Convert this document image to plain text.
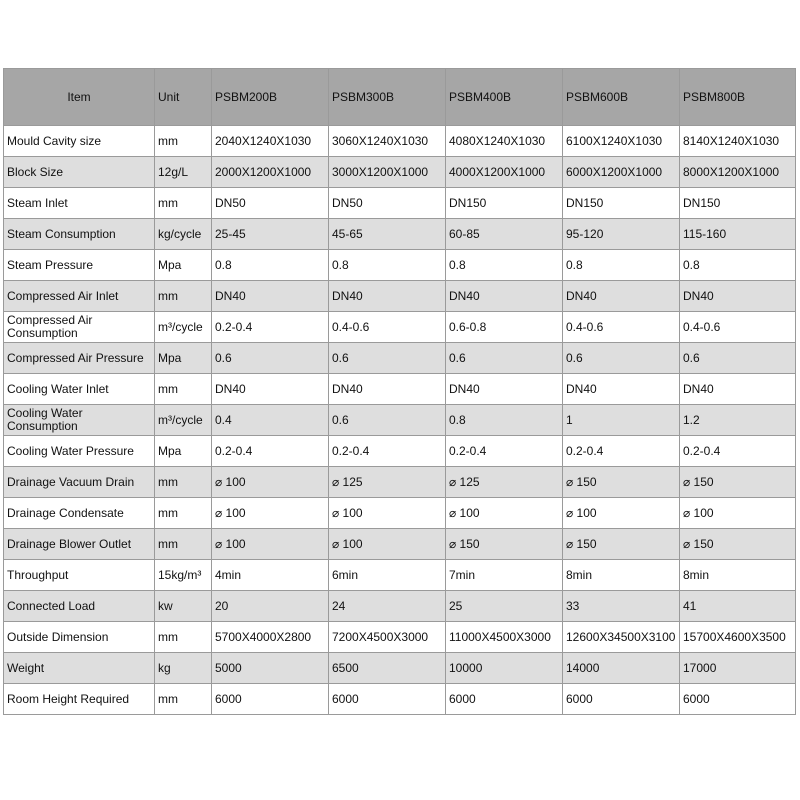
Item	Unit	PSBM200B	PSBM300B	PSBM400B	PSBM600B	PSBM800B
Mould Cavity size	mm	2040X1240X1030	3060X1240X1030	4080X1240X1030	6100X1240X1030	8140X1240X1030
Block Size	12g/L	2000X1200X1000	3000X1200X1000	4000X1200X1000	6000X1200X1000	8000X1200X1000
Steam Inlet	mm	DN50	DN50	DN150	DN150	DN150
Steam Consumption	kg/cycle	25-45	45-65	60-85	95-120	115-160
Steam Pressure	Mpa	0.8	0.8	0.8	0.8	0.8
Compressed Air Inlet	mm	DN40	DN40	DN40	DN40	DN40
Compressed Air Consumption	m³/cycle	0.2-0.4	0.4-0.6	0.6-0.8	0.4-0.6	0.4-0.6
Compressed Air Pressure	Mpa	0.6	0.6	0.6	0.6	0.6
Cooling Water Inlet	mm	DN40	DN40	DN40	DN40	DN40
Cooling Water Consumption	m³/cycle	0.4	0.6	0.8	1	1.2
Cooling Water Pressure	Mpa	0.2-0.4	0.2-0.4	0.2-0.4	0.2-0.4	0.2-0.4
Drainage Vacuum Drain	mm	⌀ 100	⌀ 125	⌀ 125	⌀ 150	⌀ 150
Drainage Condensate	mm	⌀ 100	⌀ 100	⌀ 100	⌀ 100	⌀ 100
Drainage Blower Outlet	mm	⌀ 100	⌀ 100	⌀ 150	⌀ 150	⌀ 150
Throughput	15kg/m³	4min	6min	7min	8min	8min
Connected Load	kw	20	24	25	33	41
Outside Dimension	mm	5700X4000X2800	7200X4500X3000	11000X4500X3000	12600X34500X3100	15700X4600X3500
Weight	kg	5000	6500	10000	14000	17000
Room Height Required	mm	6000	6000	6000	6000	6000
